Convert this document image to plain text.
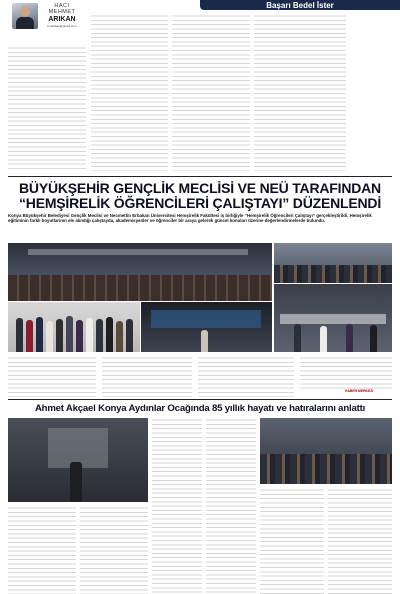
HACI
MEHMET
ARIKAN
hmarikan@gmail.com
Başarı Bedel İster
BÜYÜKŞEHİR GENÇLİK MECLİSİ VE NEÜ TARAFINDAN
“HEMŞİRELİK ÖĞRENCİLERİ ÇALIŞTAYI” DÜZENLENDİ
Konya Büyükşehir Belediyesi Gençlik Meclisi ve Necmettin Erbakan Üniversitesi Hemşirelik Fakültesi iş birliğiyle “Hemşirelik Öğrencileri Çalıştayı” gerçekleştirildi. Hemşirelik eğitiminin farklı boyutlarının ele alındığı çalıştayda, akademisyenler ve öğrenciler bir araya gelerek güncel konuları üzerine değerlendirmelerde bulundu.
HABER MERKEZI
Ahmet Akçael Konya Aydınlar Ocağında 85 yıllık hayatı ve hatıralarını anlattı
